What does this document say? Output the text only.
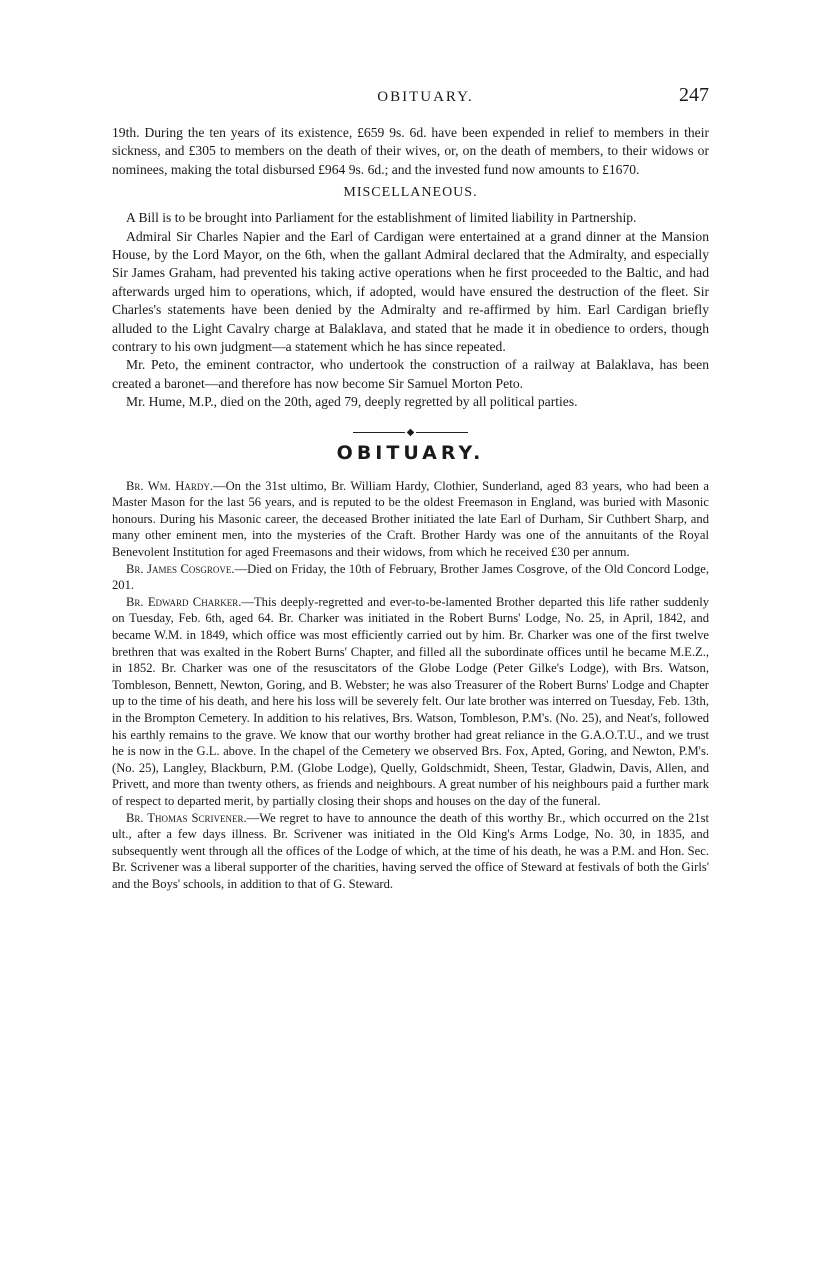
OBITUARY.	247

19th. During the ten years of its existence, £659 9s. 6d. have been expended in relief to members in their sickness, and £305 to members on the death of their wives, or, on the death of members, to their widows or nominees, making the total disbursed £964 9s. 6d.; and the invested fund now amounts to £1670.

MISCELLANEOUS.

A Bill is to be brought into Parliament for the establishment of limited liability in Partnership.

Admiral Sir Charles Napier and the Earl of Cardigan were entertained at a grand dinner at the Mansion House, by the Lord Mayor, on the 6th, when the gallant Admiral declared that the Admiralty, and especially Sir James Graham, had prevented his taking active operations when he first proceeded to the Baltic, and had afterwards urged him to operations, which, if adopted, would have ensured the destruction of the fleet. Sir Charles's statements have been denied by the Admiralty and re-affirmed by him. Earl Cardigan briefly alluded to the Light Cavalry charge at Balaklava, and stated that he made it in obedience to orders, though contrary to his own judgment—a statement which he has since repeated.

Mr. Peto, the eminent contractor, who undertook the construction of a railway at Balaklava, has been created a baronet—and therefore has now become Sir Samuel Morton Peto.

Mr. Hume, M.P., died on the 20th, aged 79, deeply regretted by all political parties.

◆
OBITUARY.

Br. Wm. Hardy.—On the 31st ultimo, Br. William Hardy, Clothier, Sunderland, aged 83 years, who had been a Master Mason for the last 56 years, and is reputed to be the oldest Freemason in England, was buried with Masonic honours. During his Masonic career, the deceased Brother initiated the late Earl of Durham, Sir Cuthbert Sharp, and many other eminent men, into the mysteries of the Craft. Brother Hardy was one of the annuitants of the Royal Benevolent Institution for aged Freemasons and their widows, from which he received £30 per annum.

Br. James Cosgrove.—Died on Friday, the 10th of February, Brother James Cosgrove, of the Old Concord Lodge, 201.

Br. Edward Charker.—This deeply-regretted and ever-to-be-lamented Brother departed this life rather suddenly on Tuesday, Feb. 6th, aged 64. Br. Charker was initiated in the Robert Burns' Lodge, No. 25, in April, 1842, and became W.M. in 1849, which office was most efficiently carried out by him. Br. Charker was one of the first twelve brethren that was exalted in the Robert Burns' Chapter, and filled all the subordinate offices until he became M.E.Z., in 1852. Br. Charker was one of the resuscitators of the Globe Lodge (Peter Gilke's Lodge), with Brs. Watson, Tombleson, Bennett, Newton, Goring, and B. Webster; he was also Treasurer of the Robert Burns' Lodge and Chapter up to the time of his death, and here his loss will be severely felt. Our late brother was interred on Tuesday, Feb. 13th, in the Brompton Cemetery. In addition to his relatives, Brs. Watson, Tombleson, P.M's. (No. 25), and Neat's, followed his earthly remains to the grave. We know that our worthy brother had great reliance in the G.A.O.T.U., and we trust he is now in the G.L. above. In the chapel of the Cemetery we observed Brs. Fox, Apted, Goring, and Newton, P.M's. (No. 25), Langley, Blackburn, P.M. (Globe Lodge), Quelly, Goldschmidt, Sheen, Testar, Gladwin, Davis, Allen, and Privett, and more than twenty others, as friends and neighbours. A great number of his neighbours paid a further mark of respect to departed merit, by partially closing their shops and houses on the day of the funeral.

Br. Thomas Scrivener.—We regret to have to announce the death of this worthy Br., which occurred on the 21st ult., after a few days illness. Br. Scrivener was initiated in the Old King's Arms Lodge, No. 30, in 1835, and subsequently went through all the offices of the Lodge of which, at the time of his death, he was a P.M. and Hon. Sec. Br. Scrivener was a liberal supporter of the charities, having served the office of Steward at festivals of both the Girls' and the Boys' schools, in addition to that of G. Steward.
